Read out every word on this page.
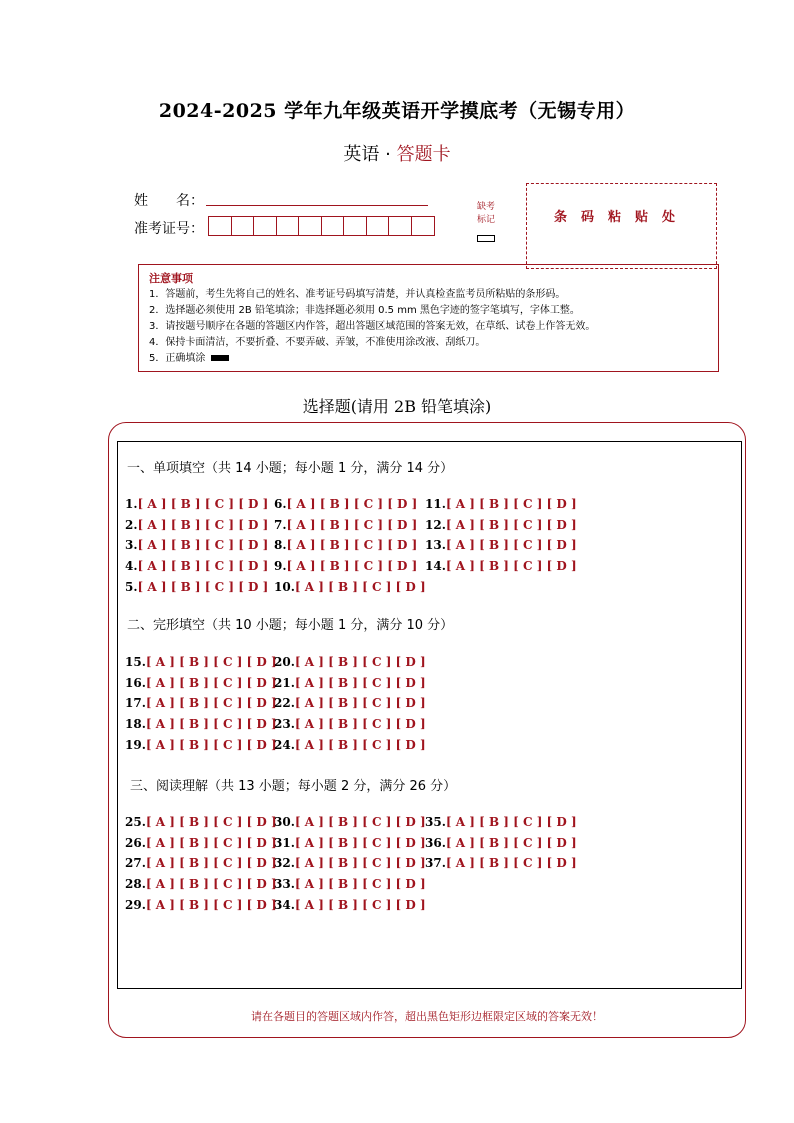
2024-2025 学年九年级英语开学摸底考（无锡专用）
英语 · 答题卡
姓　　名：
准考证号：
缺考
标记	条码粘贴处
注意事项
1．答题前，考生先将自己的姓名、准考证号码填写清楚，并认真检查监考员所粘贴的条形码。
2．选择题必须使用 2B 铅笔填涂；非选择题必须用 0.5 mm 黑色字迹的签字笔填写，字体工整。
3．请按题号顺序在各题的答题区内作答，超出答题区域范围的答案无效，在草纸、试卷上作答无效。
4．保持卡面清洁，不要折叠、不要弄破、弄皱，不准使用涂改液、刮纸刀。
5．正确填涂
选择题(请用 2B 铅笔填涂)
一、单项填空（共 14 小题；每小题 1 分，满分 14 分）
二、完形填空（共 10 小题；每小题 1 分，满分 10 分）
三、阅读理解（共 13 小题；每小题 2 分，满分 26 分）
1.[ A ] [ B ] [ C ] [ D ]
2.[ A ] [ B ] [ C ] [ D ]
3.[ A ] [ B ] [ C ] [ D ]
4.[ A ] [ B ] [ C ] [ D ]
5.[ A ] [ B ] [ C ] [ D ]
6.[ A ] [ B ] [ C ] [ D ]
7.[ A ] [ B ] [ C ] [ D ]
8.[ A ] [ B ] [ C ] [ D ]
9.[ A ] [ B ] [ C ] [ D ]
10.[ A ] [ B ] [ C ] [ D ]
11.[ A ] [ B ] [ C ] [ D ]
12.[ A ] [ B ] [ C ] [ D ]
13.[ A ] [ B ] [ C ] [ D ]
14.[ A ] [ B ] [ C ] [ D ]
15.[ A ] [ B ] [ C ] [ D ]
16.[ A ] [ B ] [ C ] [ D ]
17.[ A ] [ B ] [ C ] [ D ]
18.[ A ] [ B ] [ C ] [ D ]
19.[ A ] [ B ] [ C ] [ D ]
20.[ A ] [ B ] [ C ] [ D ]
21.[ A ] [ B ] [ C ] [ D ]
22.[ A ] [ B ] [ C ] [ D ]
23.[ A ] [ B ] [ C ] [ D ]
24.[ A ] [ B ] [ C ] [ D ]
25.[ A ] [ B ] [ C ] [ D ]
26.[ A ] [ B ] [ C ] [ D ]
27.[ A ] [ B ] [ C ] [ D ]
28.[ A ] [ B ] [ C ] [ D ]
29.[ A ] [ B ] [ C ] [ D ]
30.[ A ] [ B ] [ C ] [ D ]
31.[ A ] [ B ] [ C ] [ D ]
32.[ A ] [ B ] [ C ] [ D ]
33.[ A ] [ B ] [ C ] [ D ]
34.[ A ] [ B ] [ C ] [ D ]
35.[ A ] [ B ] [ C ] [ D ]
36.[ A ] [ B ] [ C ] [ D ]
37.[ A ] [ B ] [ C ] [ D ]
请在各题目的答题区域内作答，超出黑色矩形边框限定区域的答案无效！
